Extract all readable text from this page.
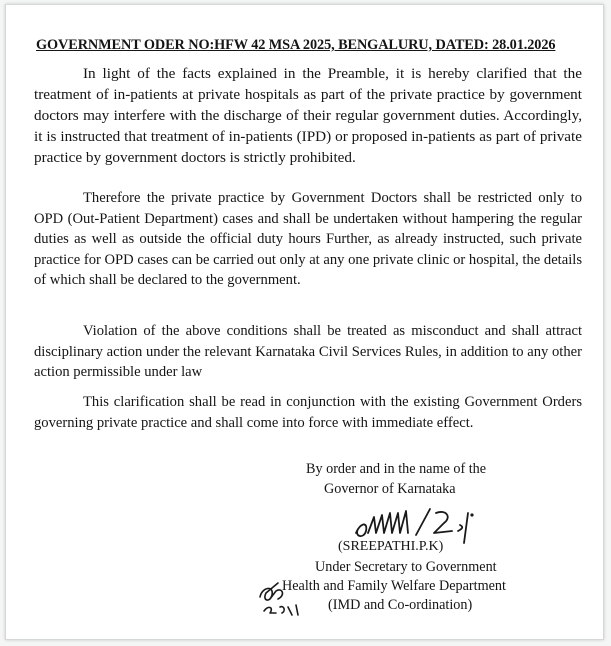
GOVERNMENT ODER NO:HFW 42 MSA 2025, BENGALURU, DATED: 28.01.2026

In light of the facts explained in the Preamble, it is hereby clarified that the treatment of in-patients at private hospitals as part of the private practice by government doctors may interfere with the discharge of their regular government duties. Accordingly, it is instructed that treatment of in-patients (IPD) or proposed in-patients as part of private practice by government doctors is strictly prohibited.

Therefore the private practice by Government Doctors shall be restricted only to OPD (Out-Patient Department) cases and shall be undertaken without hampering the regular duties as well as outside the official duty hours Further, as already instructed, such private practice for OPD cases can be carried out only at any one private clinic or hospital, the details of which shall be declared to the government.

Violation of the above conditions shall be treated as misconduct and shall attract disciplinary action under the relevant Karnataka Civil Services Rules, in addition to any other action permissible under law

This clarification shall be read in conjunction with the existing Government Orders governing private practice and shall come into force with immediate effect.

By order and in the name of the
Governor of Karnataka
(SREEPATHI.P.K)
Under Secretary to Government
Health and Family Welfare Department
(IMD and Co-ordination)
